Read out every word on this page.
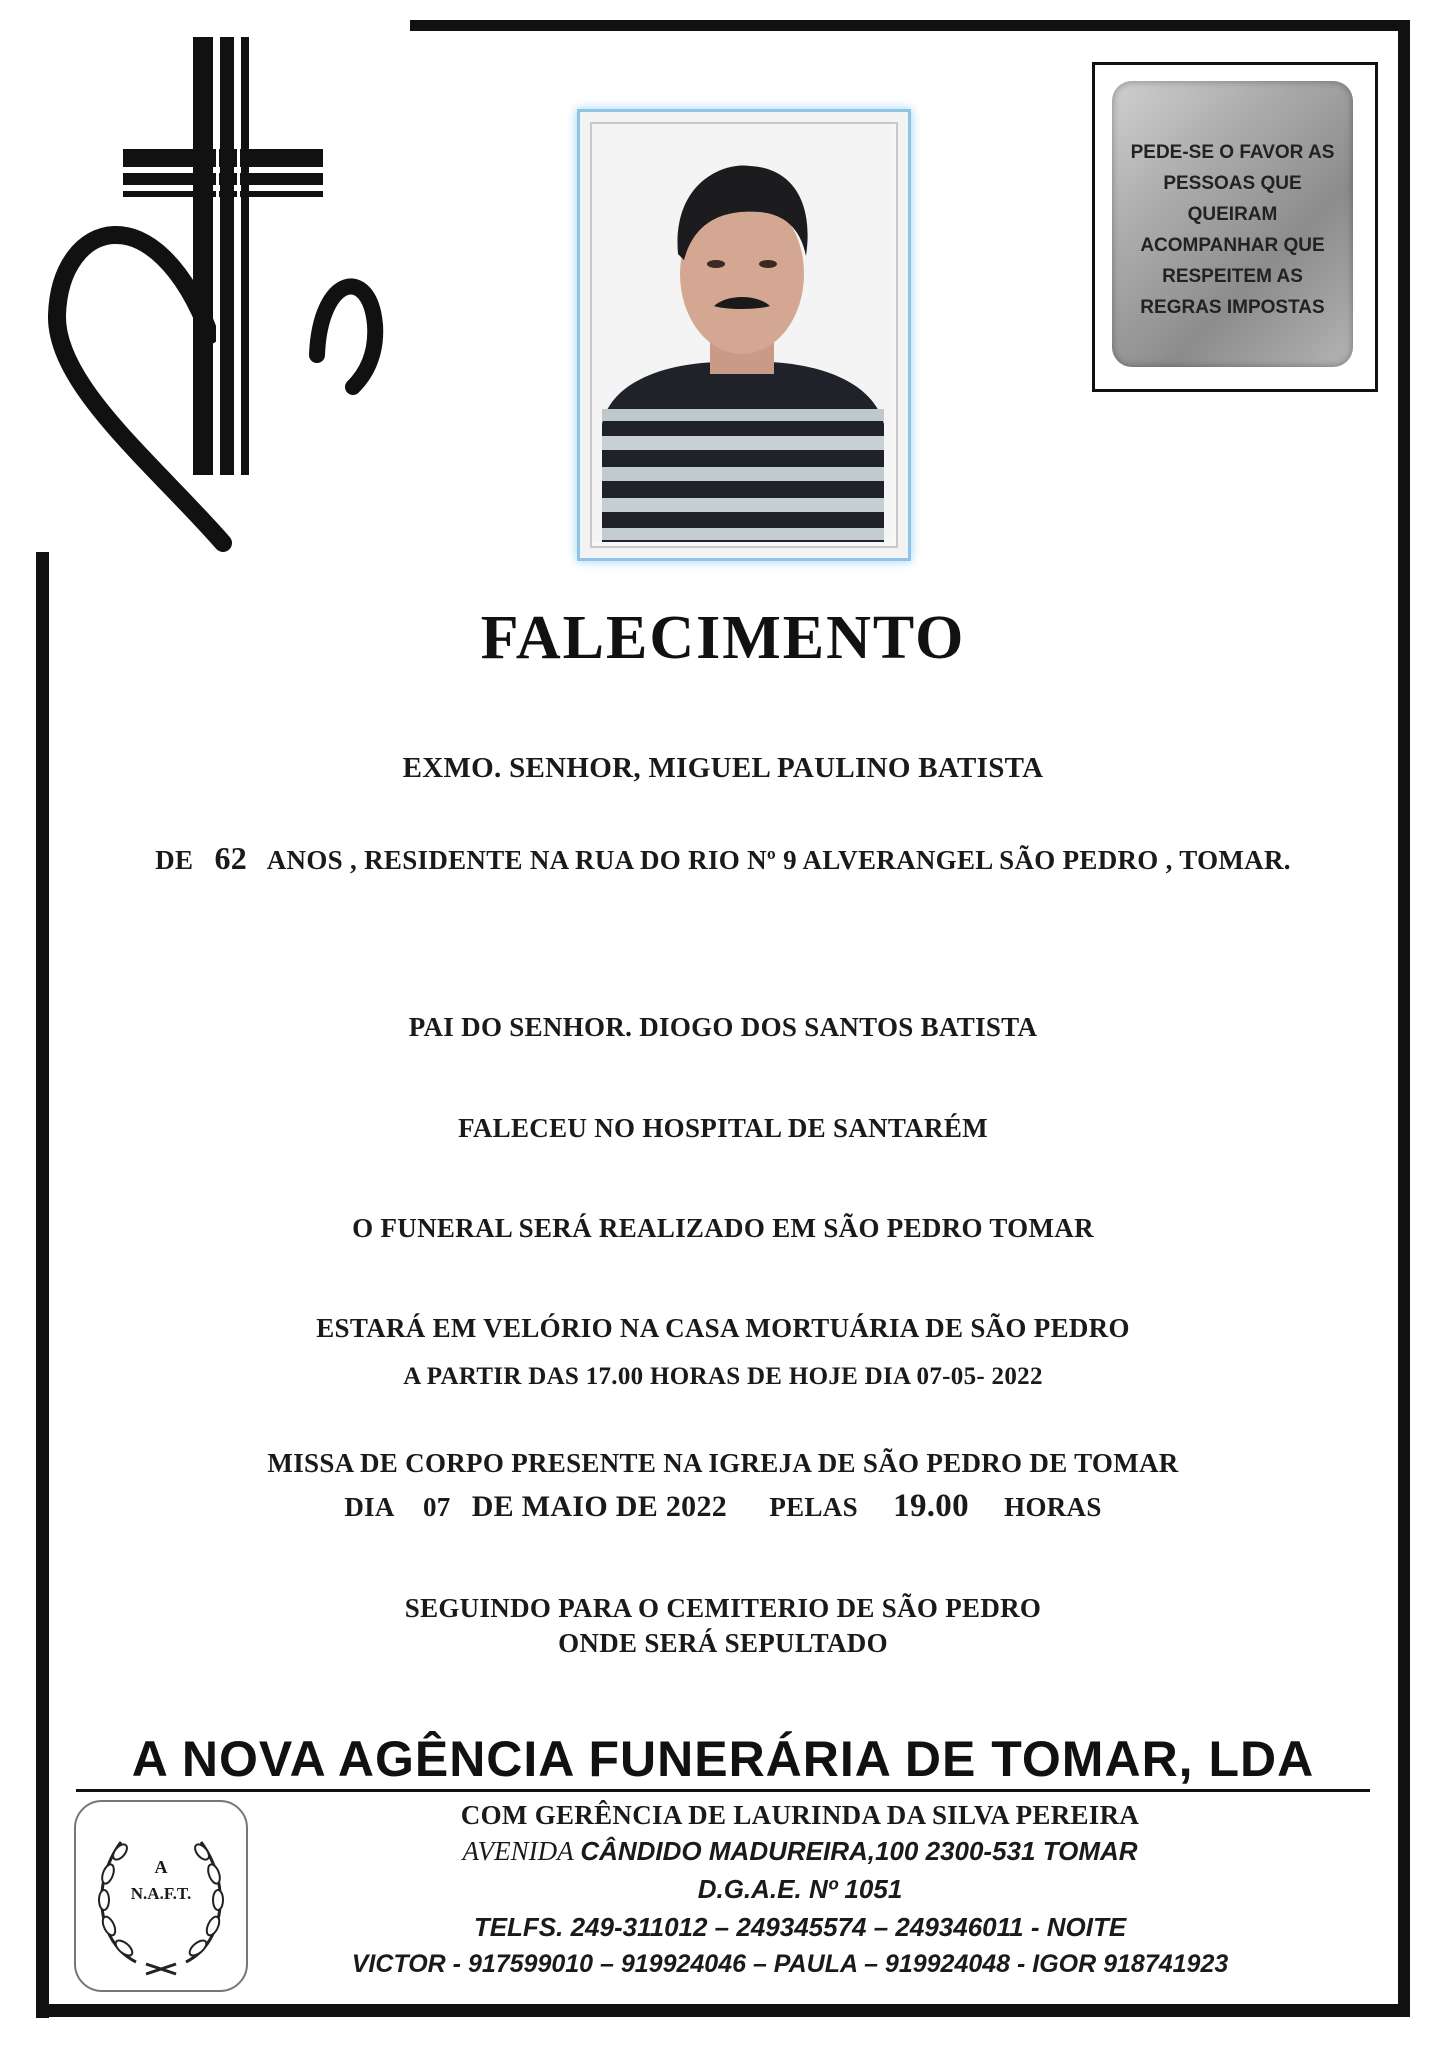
PEDE-SE O FAVOR AS
PESSOAS QUE
QUEIRAM
ACOMPANHAR QUE
RESPEITEM AS
REGRAS IMPOSTAS
FALECIMENTO
EXMO. SENHOR, MIGUEL PAULINO BATISTA
DE 62 ANOS , RESIDENTE NA RUA DO RIO Nº 9 ALVERANGEL SÃO PEDRO , TOMAR.
PAI DO SENHOR. DIOGO DOS SANTOS BATISTA
FALECEU NO HOSPITAL DE SANTARÉM
O FUNERAL SERÁ REALIZADO EM SÃO PEDRO TOMAR
ESTARÁ EM VELÓRIO NA CASA MORTUÁRIA DE SÃO PEDRO
A PARTIR DAS 17.00 HORAS DE HOJE DIA 07-05- 2022
MISSA DE CORPO PRESENTE NA IGREJA DE SÃO PEDRO DE TOMAR
DIA 07 DE MAIO DE 2022 PELAS 19.00 HORAS
SEGUINDO PARA O CEMITERIO DE SÃO PEDRO
ONDE SERÁ SEPULTADO
A NOVA AGÊNCIA FUNERÁRIA DE TOMAR, LDA
A
N.A.F.T.
COM GERÊNCIA DE LAURINDA DA SILVA PEREIRA
AVENIDA CÂNDIDO MADUREIRA,100 2300-531 TOMAR
D.G.A.E. Nº 1051
TELFS. 249-311012 – 249345574 – 249346011 - NOITE
VICTOR - 917599010 – 919924046 – PAULA – 919924048 - IGOR 918741923
